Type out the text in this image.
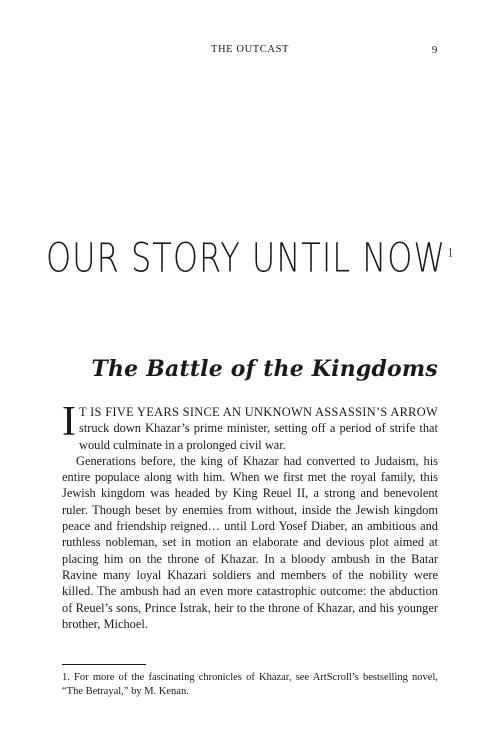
THE OUTCAST	9
OUR STORY UNTIL NOW $^1$
The Battle of the Kingdoms

I T IS FIVE YEARS SINCE AN UNKNOWN ASSASSIN’S ARROW struck down Khazar’s prime minister, setting off a period of strife that would culminate in a prolonged civil war.

Generations before, the king of Khazar had converted to Judaism, his entire populace along with him. When we first met the royal family, this Jewish kingdom was headed by King Reuel II, a strong and benevolent ruler. Though beset by enemies from without, inside the Jewish kingdom peace and friendship reigned… until Lord Yosef Diaber, an ambitious and ruthless nobleman, set in motion an elaborate and devious plot aimed at placing him on the throne of Khazar. In a bloody ambush in the Batar Ravine many loyal Khazari soldiers and members of the nobility were killed. The ambush had an even more catastrophic outcome: the abduction of Reuel’s sons, Prince Istrak, heir to the throne of Khazar, and his younger brother, Michoel.

1. For more of the fascinating chronicles of Khazar, see ArtScroll’s bestselling novel, “The Betrayal,” by M. Kenan.
